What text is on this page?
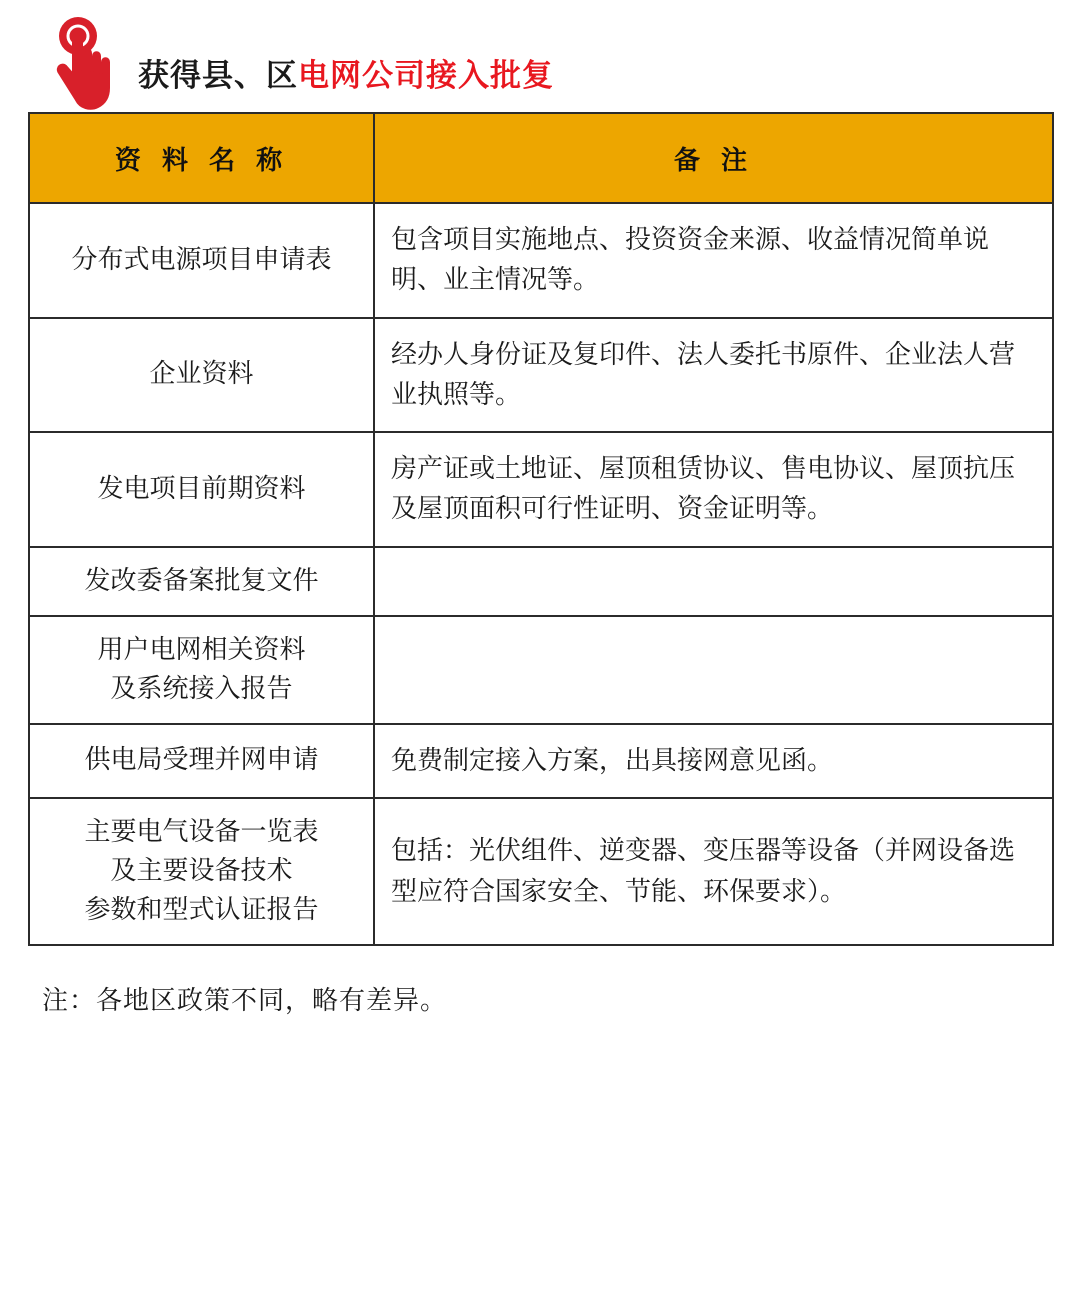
获得县、区电网公司接入批复
资 料 名 称	备 注

分布式电源项目申请表	包含项目实施地点、投资资金来源、收益情况简单说明、业主情况等。

企业资料	经办人身份证及复印件、法人委托书原件、企业法人营业执照等。

发电项目前期资料	房产证或土地证、屋顶租赁协议、售电协议、屋顶抗压及屋顶面积可行性证明、资金证明等。

发改委备案批复文件	

用户电网相关资料
及系统接入报告	

供电局受理并网申请	免费制定接入方案，出具接网意见函。

主要电气设备一览表
及主要设备技术
参数和型式认证报告	包括：光伏组件、逆变器、变压器等设备（并网设备选型应符合国家安全、节能、环保要求）。
注：各地区政策不同，略有差异。
